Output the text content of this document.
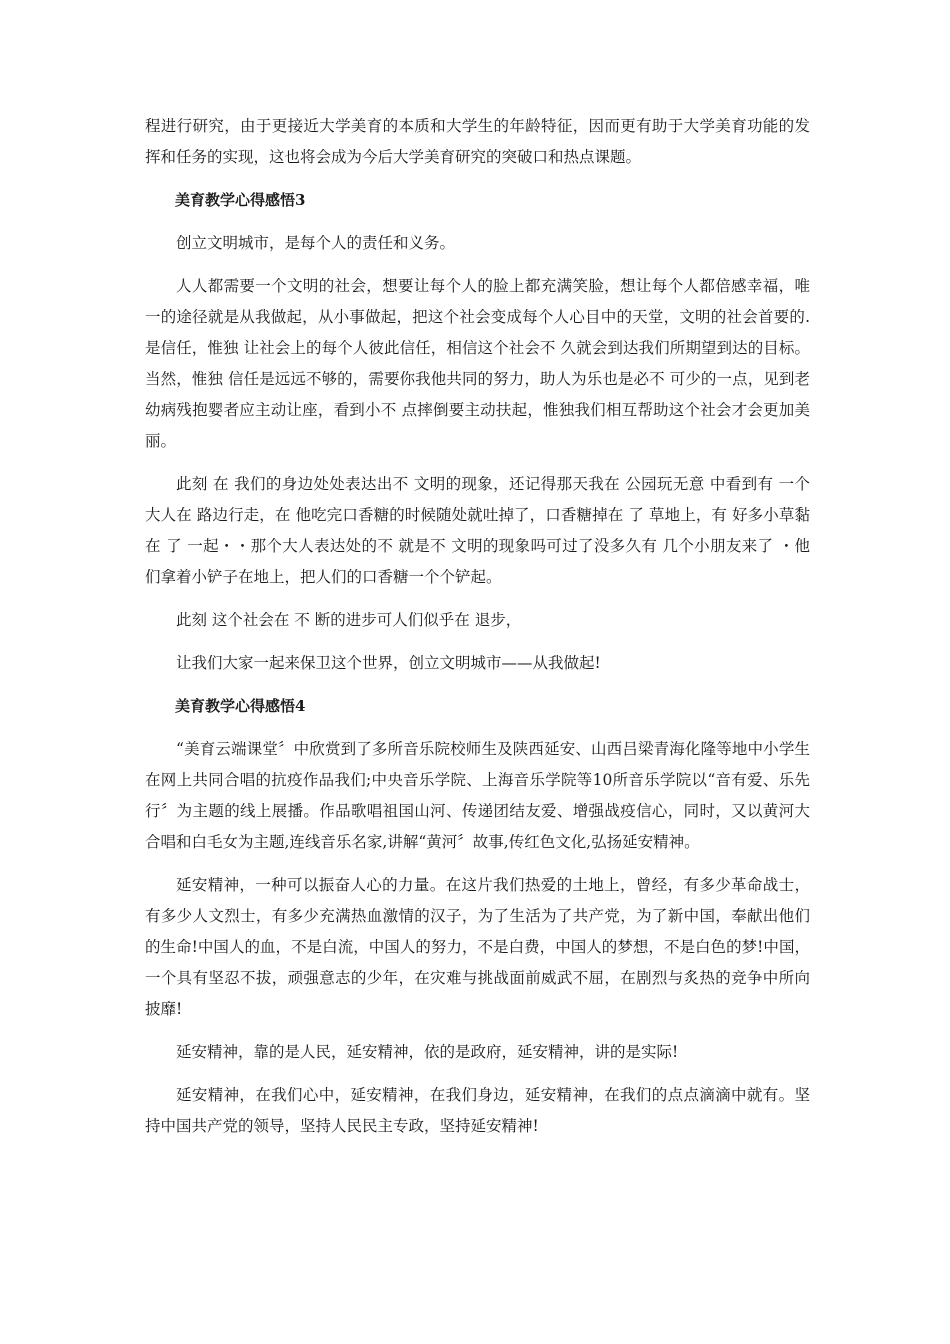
程进行研究，由于更接近大学美育的本质和大学生的年龄特征，因而更有助于大学美育功能的发挥和任务的实现，这也将会成为今后大学美育研究的突破口和热点课题。

美育教学心得感悟3

创立文明城市，是每个人的责任和义务。

人人都需要一个文明的社会，想要让每个人的脸上都充满笑脸，想让每个人都倍感幸福，唯一的途径就是从我做起，从小事做起，把这个社会变成每个人心目中的天堂，文明的社会首要的.是信任，惟独 让社会上的每个人彼此信任，相信这个社会不 久就会到达我们所期望到达的目标。当然，惟独 信任是远远不够的，需要你我他共同的努力，助人为乐也是必不 可少的一点，见到老幼病残抱婴者应主动让座，看到小不 点摔倒要主动扶起，惟独我们相互帮助这个社会才会更加美丽。

此刻 在 我们的身边处处表达出不 文明的现象，还记得那天我在 公园玩无意 中看到有 一个大人在 路边行走，在 他吃完口香糖的时候随处就吐掉了，口香糖掉在 了 草地上，有 好多小草黏在 了 一起・・那个大人表达处的不 就是不 文明的现象吗可过了没多久有 几个小朋友来了 ・他们拿着小铲子在地上，把人们的口香糖一个个铲起。

此刻 这个社会在 不 断的进步可人们似乎在 退步，

让我们大家一起来保卫这个世界，创立文明城市——从我做起!

美育教学心得感悟4

“美育云端课堂〞中欣赏到了多所音乐院校师生及陕西延安、山西吕梁青海化隆等地中小学生在网上共同合唱的抗疫作品我们;中央音乐学院、上海音乐学院等10所音乐学院以“音有爱、乐先行〞为主题的线上展播。作品歌唱祖国山河、传递团结友爱、增强战疫信心，同时，又以黄河大合唱和白毛女为主题,连线音乐名家,讲解“黄河〞故事,传红色文化,弘扬延安精神。

延安精神，一种可以振奋人心的力量。在这片我们热爱的土地上，曾经，有多少革命战士，有多少人文烈士，有多少充满热血激情的汉子，为了生活为了共产党，为了新中国，奉献出他们的生命!中国人的血，不是白流，中国人的努力，不是白费，中国人的梦想，不是白色的梦!中国，一个具有坚忍不拔，顽强意志的少年，在灾难与挑战面前威武不屈，在剧烈与炙热的竞争中所向披靡!

延安精神，靠的是人民，延安精神，依的是政府，延安精神，讲的是实际!

延安精神，在我们心中，延安精神，在我们身边，延安精神，在我们的点点滴滴中就有。坚持中国共产党的领导，坚持人民民主专政，坚持延安精神!
